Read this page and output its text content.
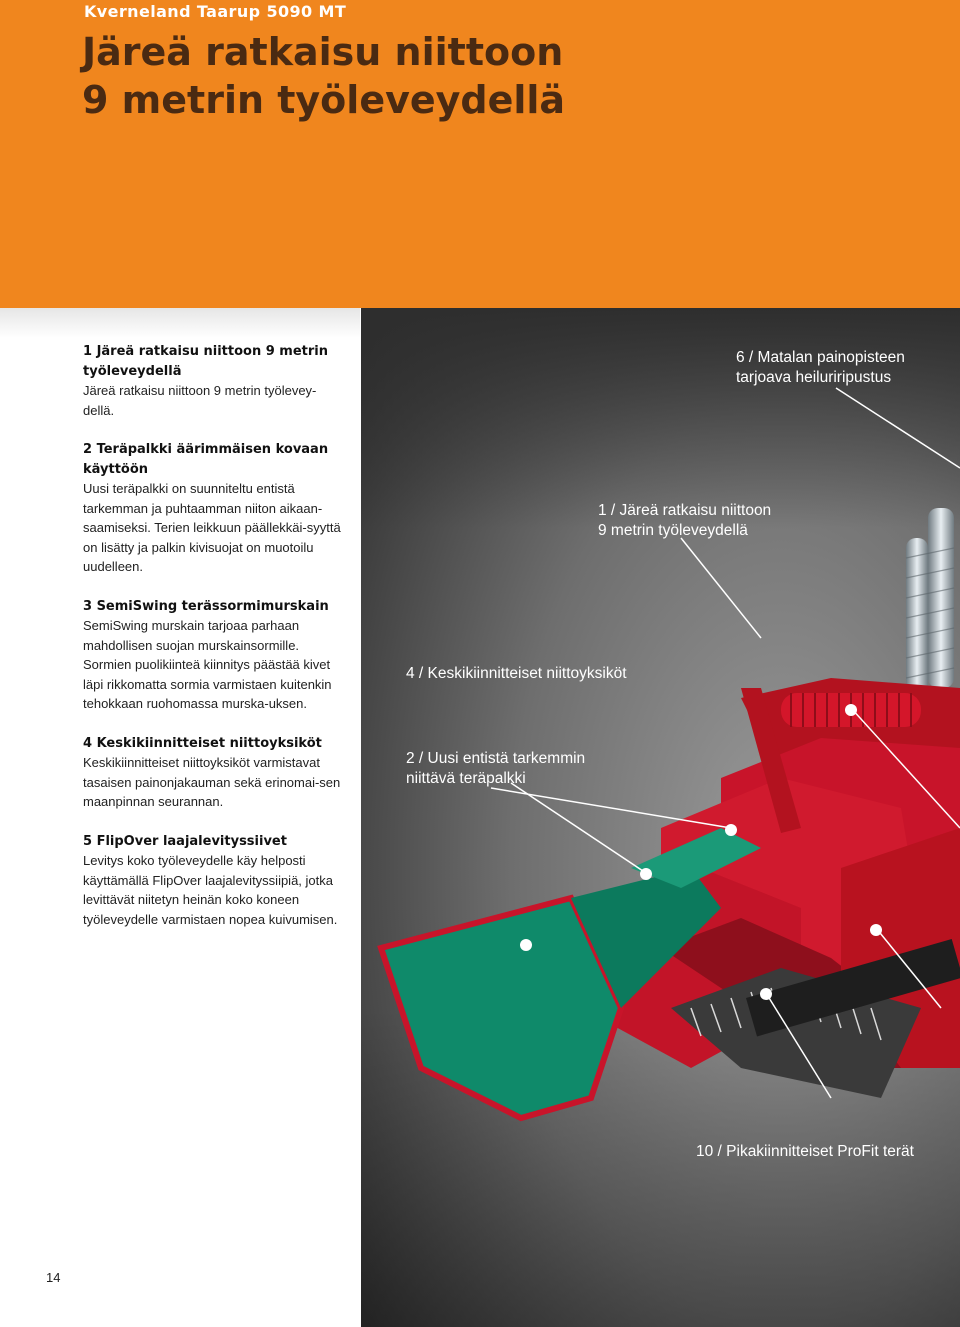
Kverneland Taarup 5090 MT
Järeä ratkaisu niittoon
9 metrin työleveydellä
1 Järeä ratkaisu niittoon 9 metrin työleveydellä

Järeä ratkaisu niittoon 9 metrin työlevey-dellä.

2 Teräpalkki äärimmäisen kovaan käyttöön

Uusi teräpalkki on suunniteltu entistä tarkemman ja puhtaamman niiton aikaan-saamiseksi. Terien leikkuun päällekkäi-syyttä on lisätty ja palkin kivisuojat on muotoilu uudelleen.

3 SemiSwing terässormimurskain

SemiSwing murskain tarjoaa parhaan mahdollisen suojan murskainsormille. Sormien puolikiinteä kiinnitys päästää kivet läpi rikkomatta sormia varmistaen kuitenkin tehokkaan ruohomassa murska-uksen.

4 Keskikiinnitteiset niittoyksiköt

Keskikiinnitteiset niittoyksiköt varmistavat tasaisen painonjakauman sekä erinomai-sen maanpinnan seurannan.

5 FlipOver laajalevityssiivet

Levitys koko työleveydelle käy helposti käyttämällä FlipOver laajalevityssiipiä, jotka levittävät niitetyn heinän koko koneen työleveydelle varmistaen nopea kuivumisen.

6 / Matalan painopisteen
tarjoava heiluriripustus
1 / Järeä ratkaisu niittoon
9 metrin työleveydellä
4 / Keskikiinnitteiset niittoyksiköt
2 / Uusi entistä tarkemmin
niittävä teräpalkki
10 / Pikakiinnitteiset ProFit terät
14
